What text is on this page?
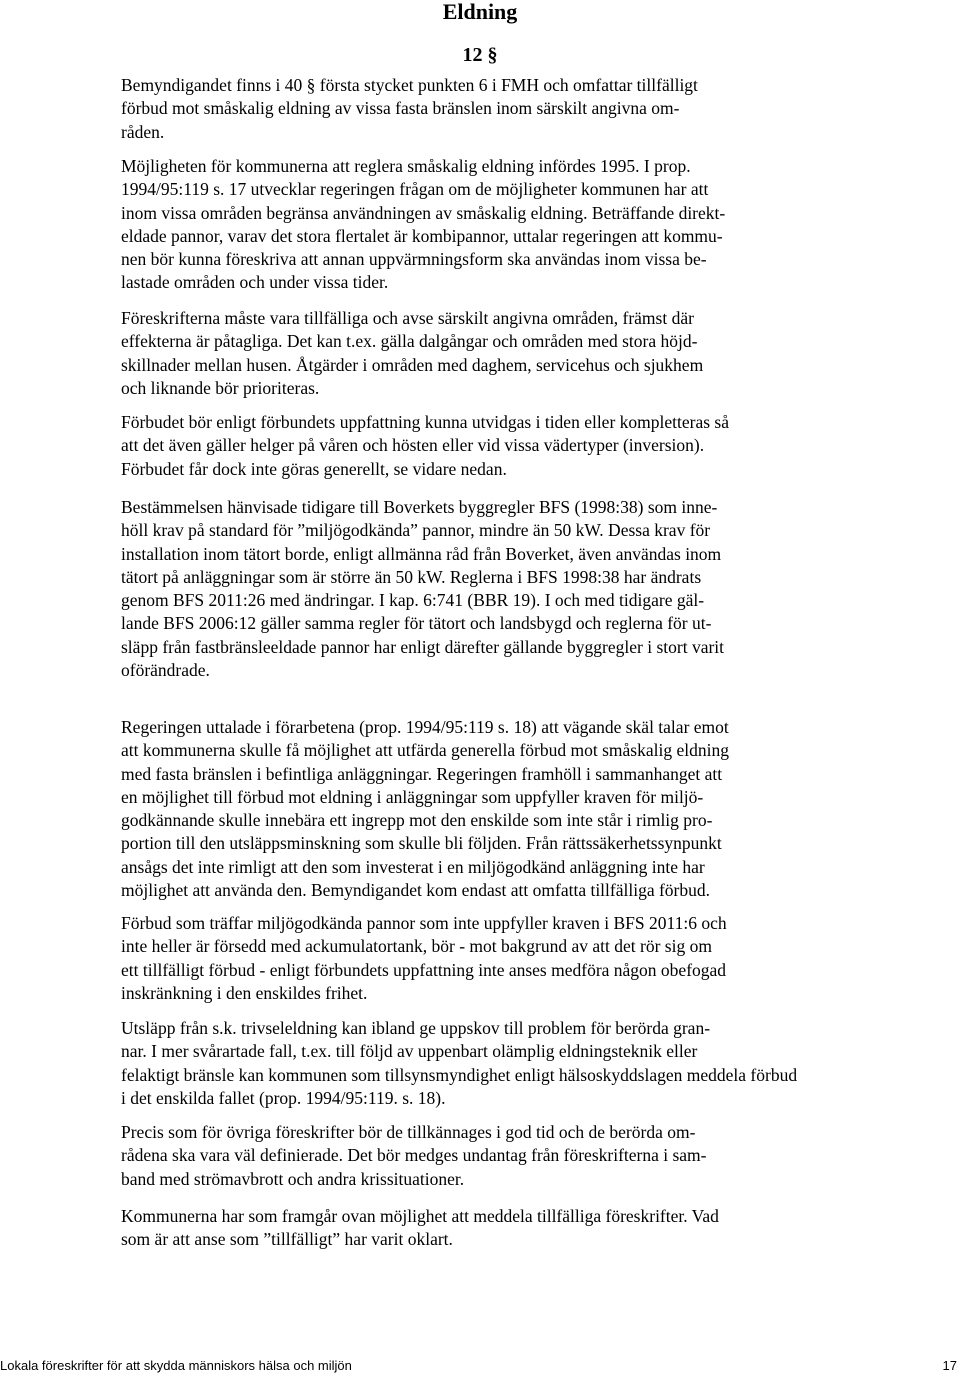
Eldning
12 §

Bemyndigandet finns i 40 § första stycket punkten 6 i FMH och omfattar tillfälligt
förbud mot småskalig eldning av vissa fasta bränslen inom särskilt angivna om-
råden.

Möjligheten för kommunerna att reglera småskalig eldning infördes 1995. I prop.
1994/95:119 s. 17 utvecklar regeringen frågan om de möjligheter kommunen har att
inom vissa områden begränsa användningen av småskalig eldning. Beträffande direkt-
eldade pannor, varav det stora flertalet är kombipannor, uttalar regeringen att kommu-
nen bör kunna föreskriva att annan uppvärmningsform ska användas inom vissa be-
lastade områden och under vissa tider.

Föreskrifterna måste vara tillfälliga och avse särskilt angivna områden, främst där
effekterna är påtagliga. Det kan t.ex. gälla dalgångar och områden med stora höjd-
skillnader mellan husen. Åtgärder i områden med daghem, servicehus och sjukhem
och liknande bör prioriteras.

Förbudet bör enligt förbundets uppfattning kunna utvidgas i tiden eller kompletteras så
att det även gäller helger på våren och hösten eller vid vissa vädertyper (inversion).
Förbudet får dock inte göras generellt, se vidare nedan.

Bestämmelsen hänvisade tidigare till Boverkets byggregler BFS (1998:38) som inne-
höll krav på standard för ”miljögodkända” pannor, mindre än 50 kW. Dessa krav för
installation inom tätort borde, enligt allmänna råd från Boverket, även användas inom
tätort på anläggningar som är större än 50 kW. Reglerna i BFS 1998:38 har ändrats
genom BFS 2011:26 med ändringar. I kap. 6:741 (BBR 19). I och med tidigare gäl-
lande BFS 2006:12 gäller samma regler för tätort och landsbygd och reglerna för ut-
släpp från fastbränsleeldade pannor har enligt därefter gällande byggregler i stort varit
oförändrade.

Regeringen uttalade i förarbetena (prop. 1994/95:119 s. 18) att vägande skäl talar emot
att kommunerna skulle få möjlighet att utfärda generella förbud mot småskalig eldning
med fasta bränslen i befintliga anläggningar. Regeringen framhöll i sammanhanget att
en möjlighet till förbud mot eldning i anläggningar som uppfyller kraven för miljö-
godkännande skulle innebära ett ingrepp mot den enskilde som inte står i rimlig pro-
portion till den utsläppsminskning som skulle bli följden. Från rättssäkerhetssynpunkt
ansågs det inte rimligt att den som investerat i en miljögodkänd anläggning inte har
möjlighet att använda den. Bemyndigandet kom endast att omfatta tillfälliga förbud.

Förbud som träffar miljögodkända pannor som inte uppfyller kraven i BFS 2011:6 och
inte heller är försedd med ackumulatortank, bör - mot bakgrund av att det rör sig om
ett tillfälligt förbud - enligt förbundets uppfattning inte anses medföra någon obefogad
inskränkning i den enskildes frihet.

Utsläpp från s.k. trivseleldning kan ibland ge uppskov till problem för berörda gran-
nar. I mer svårartade fall, t.ex. till följd av uppenbart olämplig eldningsteknik eller
felaktigt bränsle kan kommunen som tillsynsmyndighet enligt hälsoskyddslagen meddela förbud
i det enskilda fallet (prop. 1994/95:119. s. 18).

Precis som för övriga föreskrifter bör de tillkännages i god tid och de berörda om-
rådena ska vara väl definierade. Det bör medges undantag från föreskrifterna i sam-
band med strömavbrott och andra krissituationer.

Kommunerna har som framgår ovan möjlighet att meddela tillfälliga föreskrifter. Vad
som är att anse som ”tillfälligt” har varit oklart.

Lokala föreskrifter för att skydda människors hälsa och miljön	17
